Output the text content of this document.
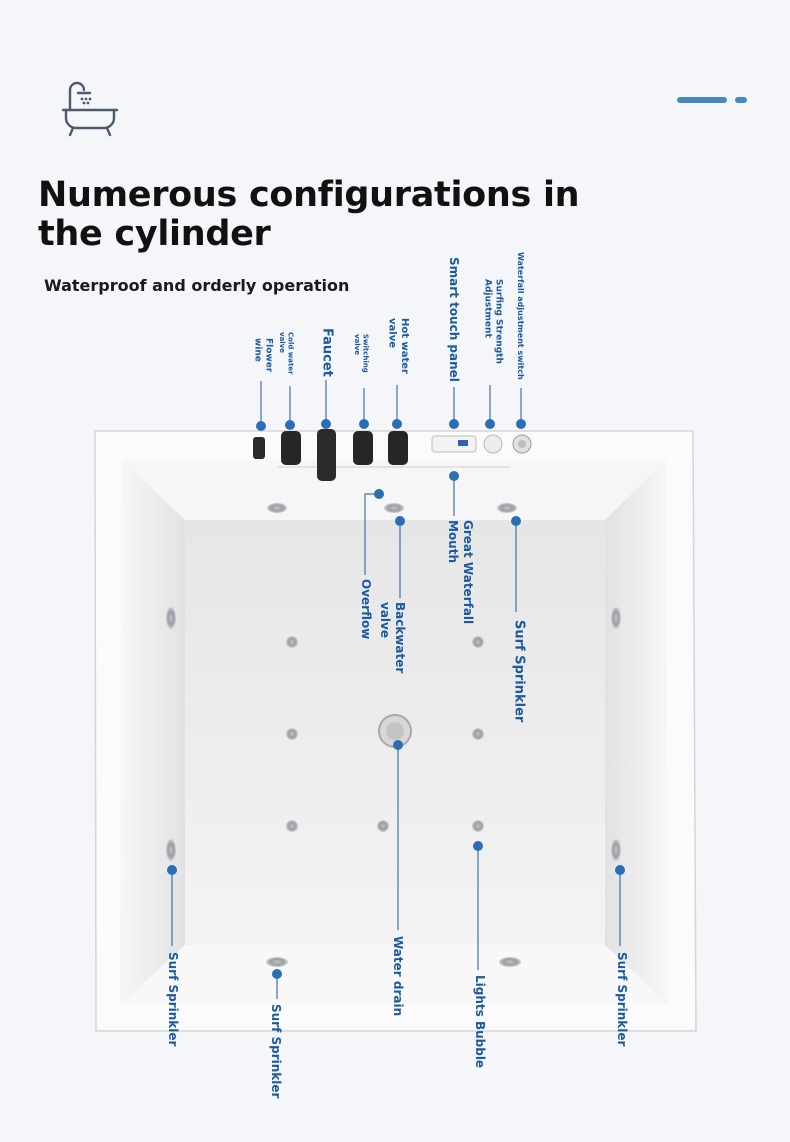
Numerous configurations in the cylinder

Waterproof and orderly operation

Flower
wine	Cold water
valve	Faucet	Switching
valve
Hot water
valve	Smart touch panel	Surfing Strength
Adjustment	Waterfall adjustment switch
Overflow	Backwater
valve
Great Waterfall
Mouth
Surf Sprinkler
Water drain	Lights Bubble
Surf Sprinkler
Surf Sprinkler
Surf Sprinkler
